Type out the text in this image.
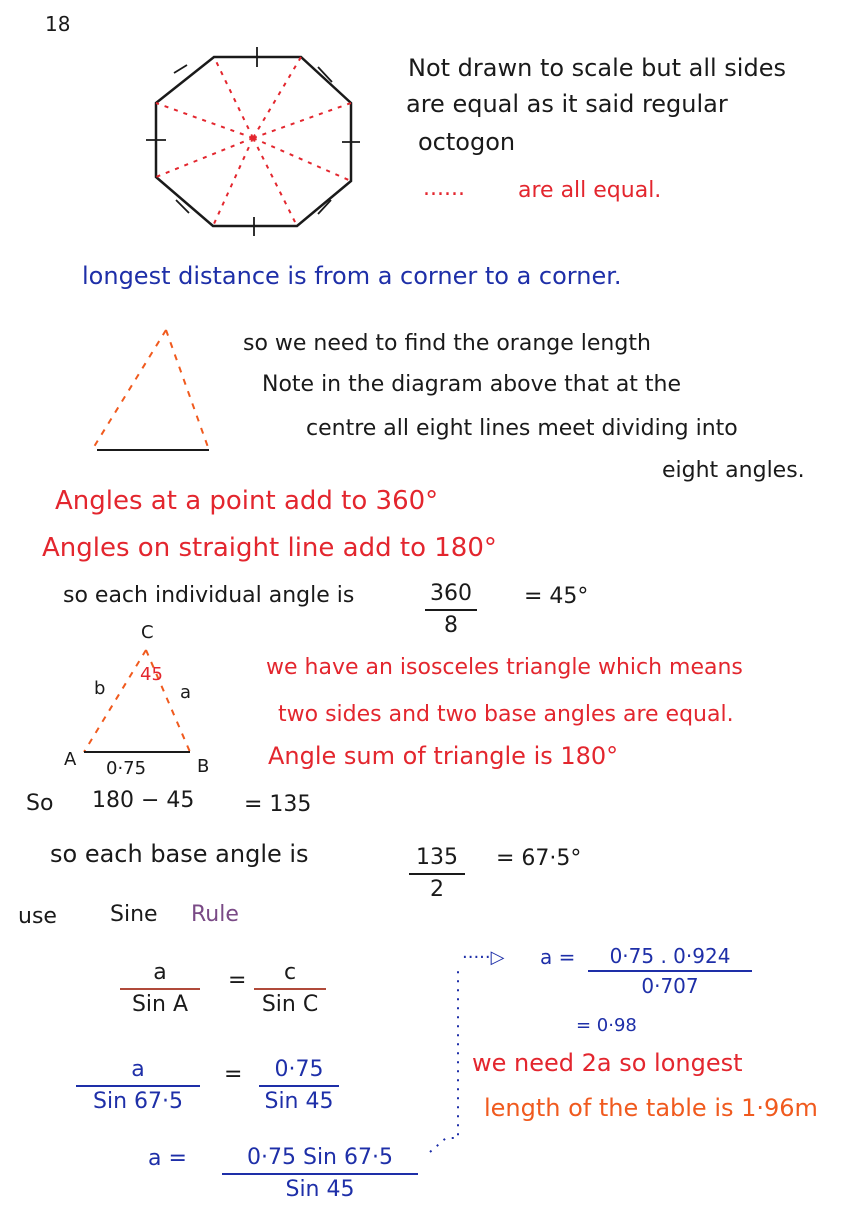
18
Not drawn to scale but all sides
are equal as it said regular
octogon
...... are all equal.
longest distance is from a corner to a corner.
so we need to find the orange length
Note in the diagram above that at the
centre all eight lines meet dividing into
eight angles.
Angles at a point add to 360°
Angles on straight line add to 180°
so each individual angle is	360
8
= 45°
C
45
b	a
A 0·75	B
we have an isosceles triangle which means
two sides and two base angles are equal.
Angle sum of triangle is 180°
So 180 − 45 = 135
so each base angle is	135
2
= 67·5°
use Sine Rule
a
Sin A
=	c
Sin C
a
Sin 67·5
=	0·75
Sin 45
a =	0·75 Sin 67·5
Sin 45
·····▷ a =	0·75 . 0·924
0·707
= 0·98
we need 2a so longest
length of the table is 1·96m
